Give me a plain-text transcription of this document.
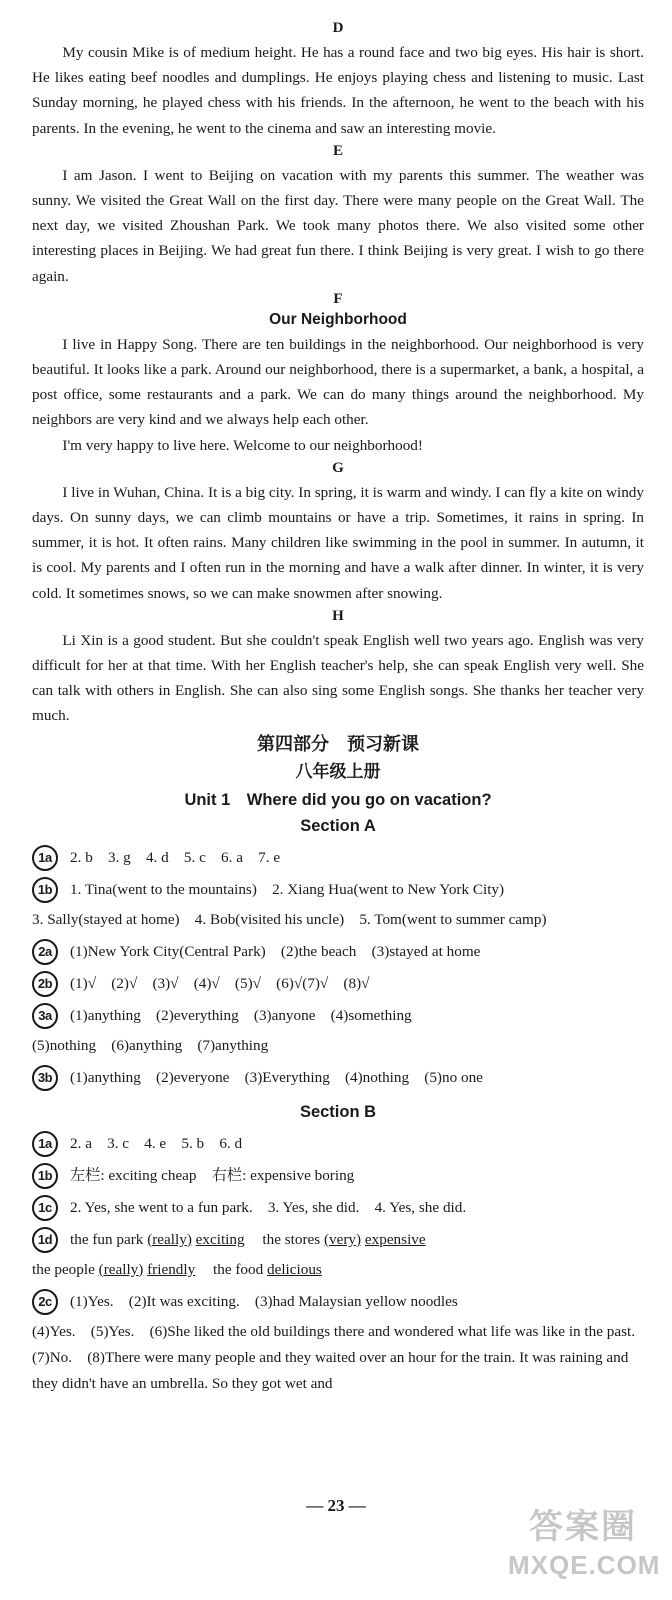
D

My cousin Mike is of medium height. He has a round face and two big eyes. His hair is short. He likes eating beef noodles and dumplings. He enjoys playing chess and listening to music. Last Sunday morning, he played chess with his friends. In the afternoon, he went to the beach with his parents. In the evening, he went to the cinema and saw an interesting movie.

E

I am Jason. I went to Beijing on vacation with my parents this summer. The weather was sunny. We visited the Great Wall on the first day. There were many people on the Great Wall. The next day, we visited Zhoushan Park. We took many photos there. We also visited some other interesting places in Beijing. We had great fun there. I think Beijing is very great. I wish to go there again.

F
Our Neighborhood

I live in Happy Song. There are ten buildings in the neighborhood. Our neighborhood is very beautiful. It looks like a park. Around our neighborhood, there is a supermarket, a bank, a hospital, a post office, some restaurants and a park. We can do many things around the neighborhood. My neighbors are very kind and we always help each other.

I'm very happy to live here. Welcome to our neighborhood!

G

I live in Wuhan, China. It is a big city. In spring, it is warm and windy. I can fly a kite on windy days. On sunny days, we can climb mountains or have a trip. Sometimes, it rains in spring. In summer, it is hot. It often rains. Many children like swimming in the pool in summer. In autumn, it is cool. My parents and I often run in the morning and have a walk after dinner. In winter, it is very cold. It sometimes snows, so we can make snowmen after snowing.

H

Li Xin is a good student. But she couldn't speak English well two years ago. English was very difficult for her at that time. With her English teacher's help, she can speak English very well. She can talk with others in English. She can also sing some English songs. She thanks her teacher very much.

第四部分　预习新课
八年级上册
Unit 1　Where did you go on vacation?
Section A
1a	2. b　3. g　4. d　5. c　6. a　7. e
1b	1. Tina(went to the mountains)　2. Xiang Hua(went to New York City)
3. Sally(stayed at home)　4. Bob(visited his uncle)　5. Tom(went to summer camp)
2a	(1)New York City(Central Park)　(2)the beach　(3)stayed at home
2b	(1)√　(2)√　(3)√　(4)√　(5)√　(6)√(7)√　(8)√
3a	(1)anything　(2)everything　(3)anyone　(4)something
(5)nothing　(6)anything　(7)anything
3b	(1)anything　(2)everyone　(3)Everything　(4)nothing　(5)no one
Section B
1a	2. a　3. c　4. e　5. b　6. d
1b	左栏: exciting cheap　右栏: expensive boring
1c	2. Yes, she went to a fun park.　3. Yes, she did.　4. Yes, she did.
1d	the fun park (really) exciting the stores (very) expensive
the people (really) friendly the food delicious
2c	(1)Yes.　(2)It was exciting.　(3)had Malaysian yellow noodles
(4)Yes.　(5)Yes.　(6)She liked the old buildings there and wondered what life was like in the past.　(7)No.　(8)There were many people and they waited over an hour for the train. It was raining and they didn't have an umbrella. So they got wet and
— 23 —
答案圈
MXQE.COM
